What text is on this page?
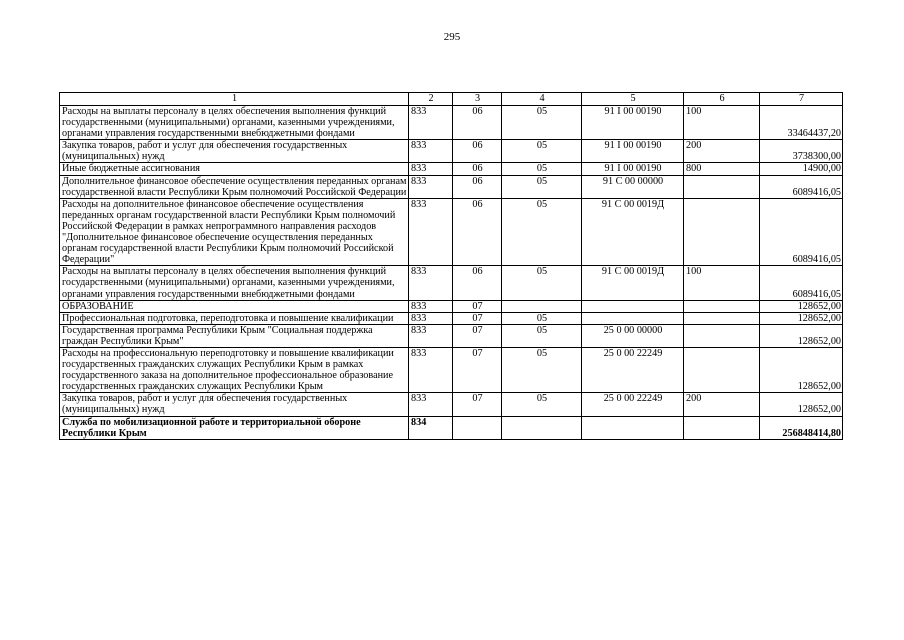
295
1	2	3	4	5	6	7
Расходы на выплаты персоналу в целях обеспечения выполнения функций государственными (муниципальными) органами, казенными учреждениями, органами управления государственными внебюджетными фондами	833	06	05	91 I 00 00190	100	33464437,20
Закупка товаров, работ и услуг для обеспечения государственных (муниципальных) нужд	833	06	05	91 I 00 00190	200	3738300,00
Иные бюджетные ассигнования	833	06	05	91 I 00 00190	800	14900,00
Дополнительное финансовое обеспечение осуществления переданных органам государственной власти Республики Крым полномочий Российской Федерации	833	06	05	91 С 00 00000		6089416,05
Расходы на дополнительное финансовое обеспечение осуществления переданных органам государственной власти Республики Крым полномочий Российской Федерации в рамках непрограммного направления расходов "Дополнительное финансовое обеспечение осуществления переданных органам государственной власти Республики Крым полномочий Российской Федерации"	833	06	05	91 С 00 0019Д		6089416,05
Расходы на выплаты персоналу в целях обеспечения выполнения функций государственными (муниципальными) органами, казенными учреждениями, органами управления государственными внебюджетными фондами	833	06	05	91 С 00 0019Д	100	6089416,05
ОБРАЗОВАНИЕ	833	07				128652,00
Профессиональная подготовка, переподготовка и повышение квалификации	833	07	05			128652,00
Государственная программа Республики Крым "Социальная поддержка граждан Республики Крым"	833	07	05	25 0 00 00000		128652,00
Расходы на профессиональную переподготовку и повышение квалификации государственных гражданских служащих Республики Крым в рамках государственного заказа на дополнительное профессиональное образование государственных гражданских служащих Республики Крым	833	07	05	25 0 00 22249		128652,00
Закупка товаров, работ и услуг для обеспечения государственных (муниципальных) нужд	833	07	05	25 0 00 22249	200	128652,00
Служба по мобилизационной работе и территориальной обороне Республики Крым	834					256848414,80
